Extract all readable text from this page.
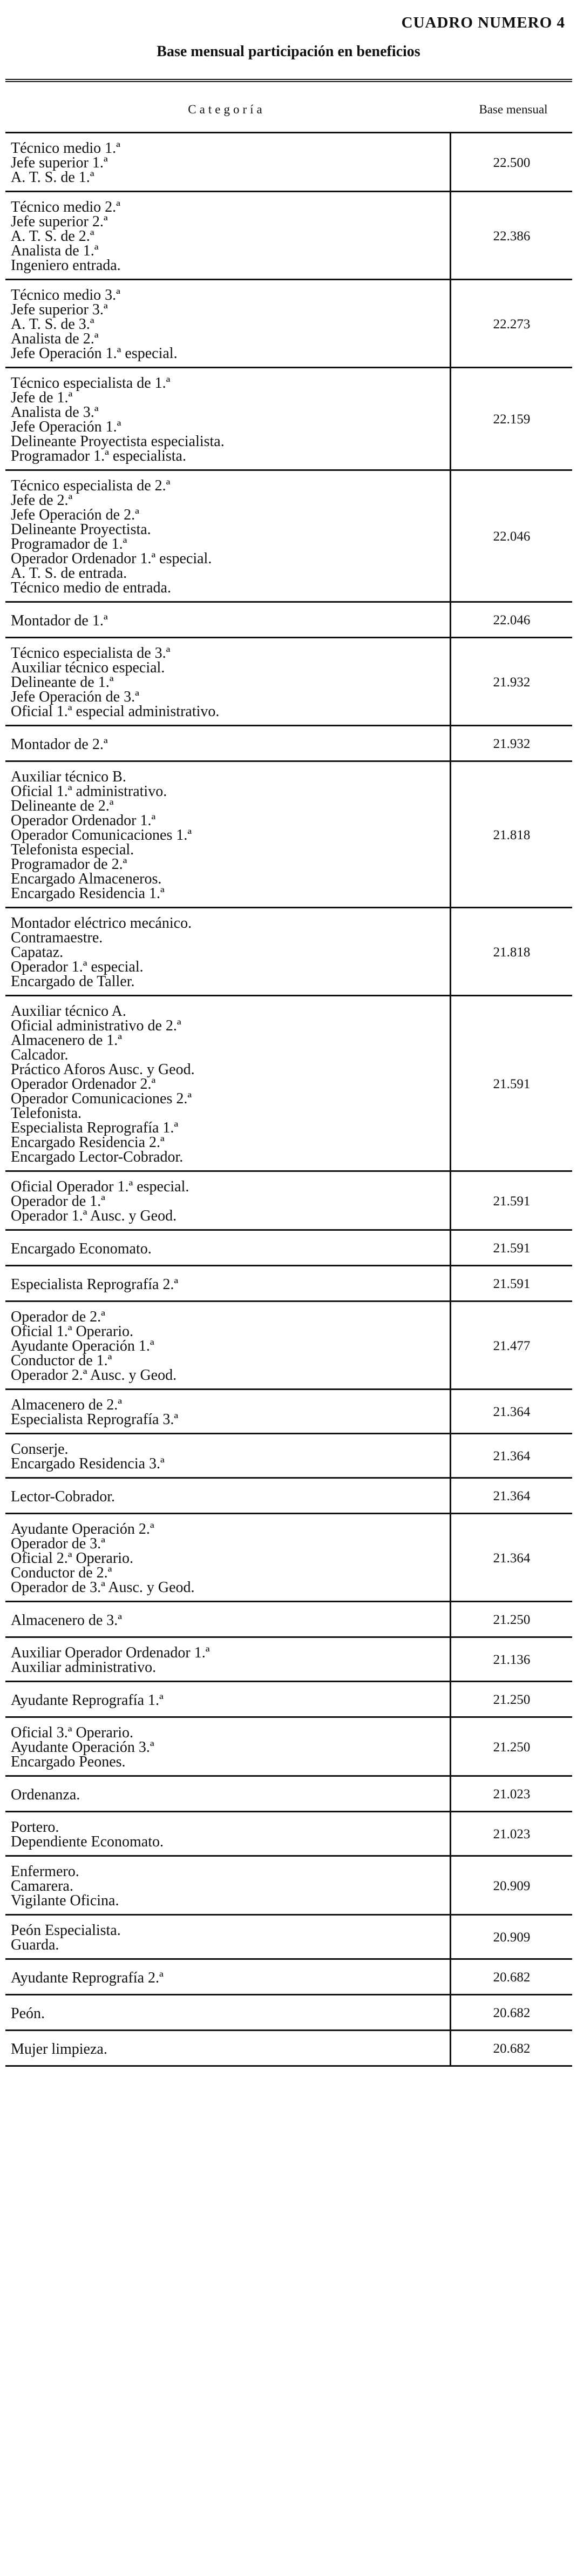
CUADRO NUMERO 4
Base mensual participación en beneficios
Categoría	Base mensual
Técnico medio 1.ª
Jefe superior 1.ª
A. T. S. de 1.ª
22.500
Técnico medio 2.ª
Jefe superior 2.ª
A. T. S. de 2.ª
Analista de 1.ª
Ingeniero entrada.
22.386
Técnico medio 3.ª
Jefe superior 3.ª
A. T. S. de 3.ª
Analista de 2.ª
Jefe Operación 1.ª especial.
22.273
Técnico especialista de 1.ª
Jefe de 1.ª
Analista de 3.ª
Jefe Operación 1.ª
Delineante Proyectista especialista.
Programador 1.ª especialista.
22.159
Técnico especialista de 2.ª
Jefe de 2.ª
Jefe Operación de 2.ª
Delineante Proyectista.
Programador de 1.ª
Operador Ordenador 1.ª especial.
A. T. S. de entrada.
Técnico medio de entrada.
22.046
Montador de 1.ª	22.046
Técnico especialista de 3.ª
Auxiliar técnico especial.
Delineante de 1.ª
Jefe Operación de 3.ª
Oficial 1.ª especial administrativo.
21.932
Montador de 2.ª	21.932
Auxiliar técnico B.
Oficial 1.ª administrativo.
Delineante de 2.ª
Operador Ordenador 1.ª
Operador Comunicaciones 1.ª
Telefonista especial.
Programador de 2.ª
Encargado Almaceneros.
Encargado Residencia 1.ª
21.818
Montador eléctrico mecánico.
Contramaestre.
Capataz.
Operador 1.ª especial.
Encargado de Taller.
21.818
Auxiliar técnico A.
Oficial administrativo de 2.ª
Almacenero de 1.ª
Calcador.
Práctico Aforos Ausc. y Geod.
Operador Ordenador 2.ª
Operador Comunicaciones 2.ª
Telefonista.
Especialista Reprografía 1.ª
Encargado Residencia 2.ª
Encargado Lector-Cobrador.
21.591
Oficial Operador 1.ª especial.
Operador de 1.ª
Operador 1.ª Ausc. y Geod.
21.591
Encargado Economato.	21.591
Especialista Reprografía 2.ª	21.591
Operador de 2.ª
Oficial 1.ª Operario.
Ayudante Operación 1.ª
Conductor de 1.ª
Operador 2.ª Ausc. y Geod.
21.477
Almacenero de 2.ª
Especialista Reprografía 3.ª	21.364
Conserje.
Encargado Residencia 3.ª	21.364
Lector-Cobrador.	21.364
Ayudante Operación 2.ª
Operador de 3.ª
Oficial 2.ª Operario.
Conductor de 2.ª
Operador de 3.ª Ausc. y Geod.
21.364
Almacenero de 3.ª	21.250
Auxiliar Operador Ordenador 1.ª
Auxiliar administrativo.	21.136
Ayudante Reprografía 1.ª	21.250
Oficial 3.ª Operario.
Ayudante Operación 3.ª
Encargado Peones.
21.250
Ordenanza.	21.023
Portero.
Dependiente Economato.	21.023
Enfermero.
Camarera.
Vigilante Oficina.
20.909
Peón Especialista.
Guarda.	20.909
Ayudante Reprografía 2.ª	20.682
Peón.	20.682
Mujer limpieza.	20.682
